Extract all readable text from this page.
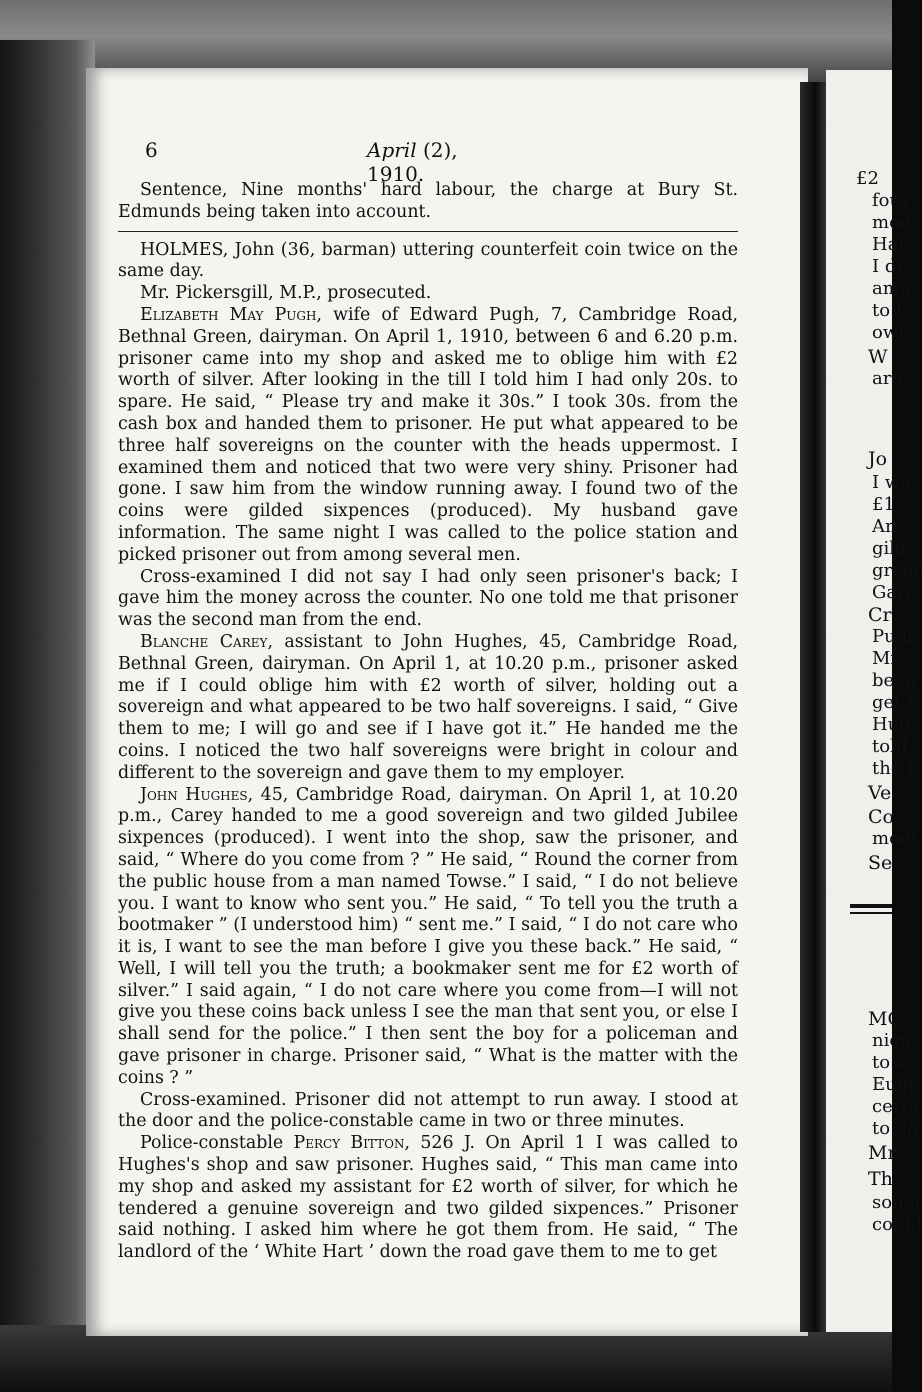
£2
four
mon
Har
I di
amo
to h
own
W
are
Jo
I we
£13
Amc
gilde
greer
Garc
Cr
Pugl
Mr.
been
get t
Hug
told
the l
Ve
Co
mont
Se
MC
niou
to ki
Euge
certa
to do
Mr
Th
sonei
could
6	April (2), 1910.

Sentence, Nine months' hard labour, the charge at Bury St. Edmunds being taken into account.

HOLMES, John (36, barman) uttering counterfeit coin twice on the same day.

Mr. Pickersgill, M.P., prosecuted.

Elizabeth May Pugh, wife of Edward Pugh, 7, Cambridge Road, Bethnal Green, dairyman. On April 1, 1910, between 6 and 6.20 p.m. prisoner came into my shop and asked me to oblige him with £2 worth of silver. After looking in the till I told him I had only 20s. to spare. He said, “ Please try and make it 30s.” I took 30s. from the cash box and handed them to prisoner. He put what appeared to be three half sovereigns on the counter with the heads uppermost. I examined them and noticed that two were very shiny. Prisoner had gone. I saw him from the window running away. I found two of the coins were gilded sixpences (produced). My husband gave information. The same night I was called to the police station and picked prisoner out from among several men.

Cross-examined I did not say I had only seen prisoner's back; I gave him the money across the counter. No one told me that prisoner was the second man from the end.

Blanche Carey, assistant to John Hughes, 45, Cambridge Road, Bethnal Green, dairyman. On April 1, at 10.20 p.m., prisoner asked me if I could oblige him with £2 worth of silver, holding out a sovereign and what appeared to be two half sovereigns. I said, “ Give them to me; I will go and see if I have got it.” He handed me the coins. I noticed the two half sovereigns were bright in colour and different to the sovereign and gave them to my employer.

John Hughes, 45, Cambridge Road, dairyman. On April 1, at 10.20 p.m., Carey handed to me a good sovereign and two gilded Jubilee sixpences (produced). I went into the shop, saw the prisoner, and said, “ Where do you come from ? ” He said, “ Round the corner from the public house from a man named Towse.” I said, “ I do not believe you. I want to know who sent you.” He said, “ To tell you the truth a bootmaker ” (I understood him) “ sent me.” I said, “ I do not care who it is, I want to see the man before I give you these back.” He said, “ Well, I will tell you the truth; a bookmaker sent me for £2 worth of silver.” I said again, “ I do not care where you come from—I will not give you these coins back unless I see the man that sent you, or else I shall send for the police.” I then sent the boy for a policeman and gave prisoner in charge. Prisoner said, “ What is the matter with the coins ? ”

Cross-examined. Prisoner did not attempt to run away. I stood at the door and the police-constable came in two or three minutes.

Police-constable Percy Bitton, 526 J. On April 1 I was called to Hughes's shop and saw prisoner. Hughes said, “ This man came into my shop and asked my assistant for £2 worth of silver, for which he tendered a genuine sovereign and two gilded sixpences.” Prisoner said nothing. I asked him where he got them from. He said, “ The landlord of the ‘ White Hart ’ down the road gave them to me to get
